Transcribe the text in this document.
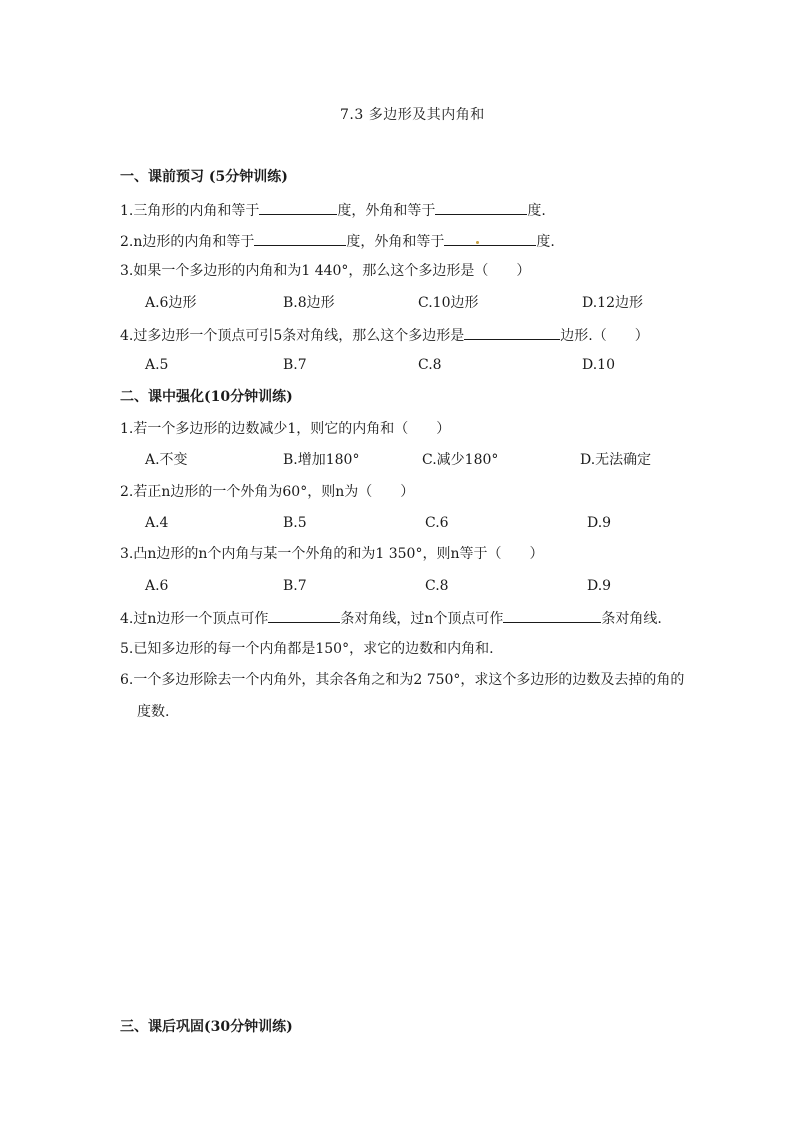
7.3 多边形及其内角和
一、课前预习 (5分钟训练)
1.三角形的内角和等于	度，外角和等于	度.
2.n边形的内角和等于	度，外角和等于	度.
3.如果一个多边形的内角和为1 440°，那么这个多边形是（　　）
A.6边形	B.8边形	C.10边形	D.12边形
4.过多边形一个顶点可引5条对角线，那么这个多边形是	边形.（　　）
A.5	B.7	C.8	D.10
二、课中强化(10分钟训练)
1.若一个多边形的边数减少1，则它的内角和（　　）
A.不变	B.增加180°	C.减少180°	D.无法确定
2.若正n边形的一个外角为60°，则n为（　　）
A.4	B.5	C.6	D.9
3.凸n边形的n个内角与某一个外角的和为1 350°，则n等于（　　）
A.6	B.7	C.8	D.9
4.过n边形一个顶点可作	条对角线，过n个顶点可作	条对角线.
5.已知多边形的每一个内角都是150°，求它的边数和内角和.
6.一个多边形除去一个内角外，其余各角之和为2 750°，求这个多边形的边数及去掉的角的
度数.
三、课后巩固(30分钟训练)
